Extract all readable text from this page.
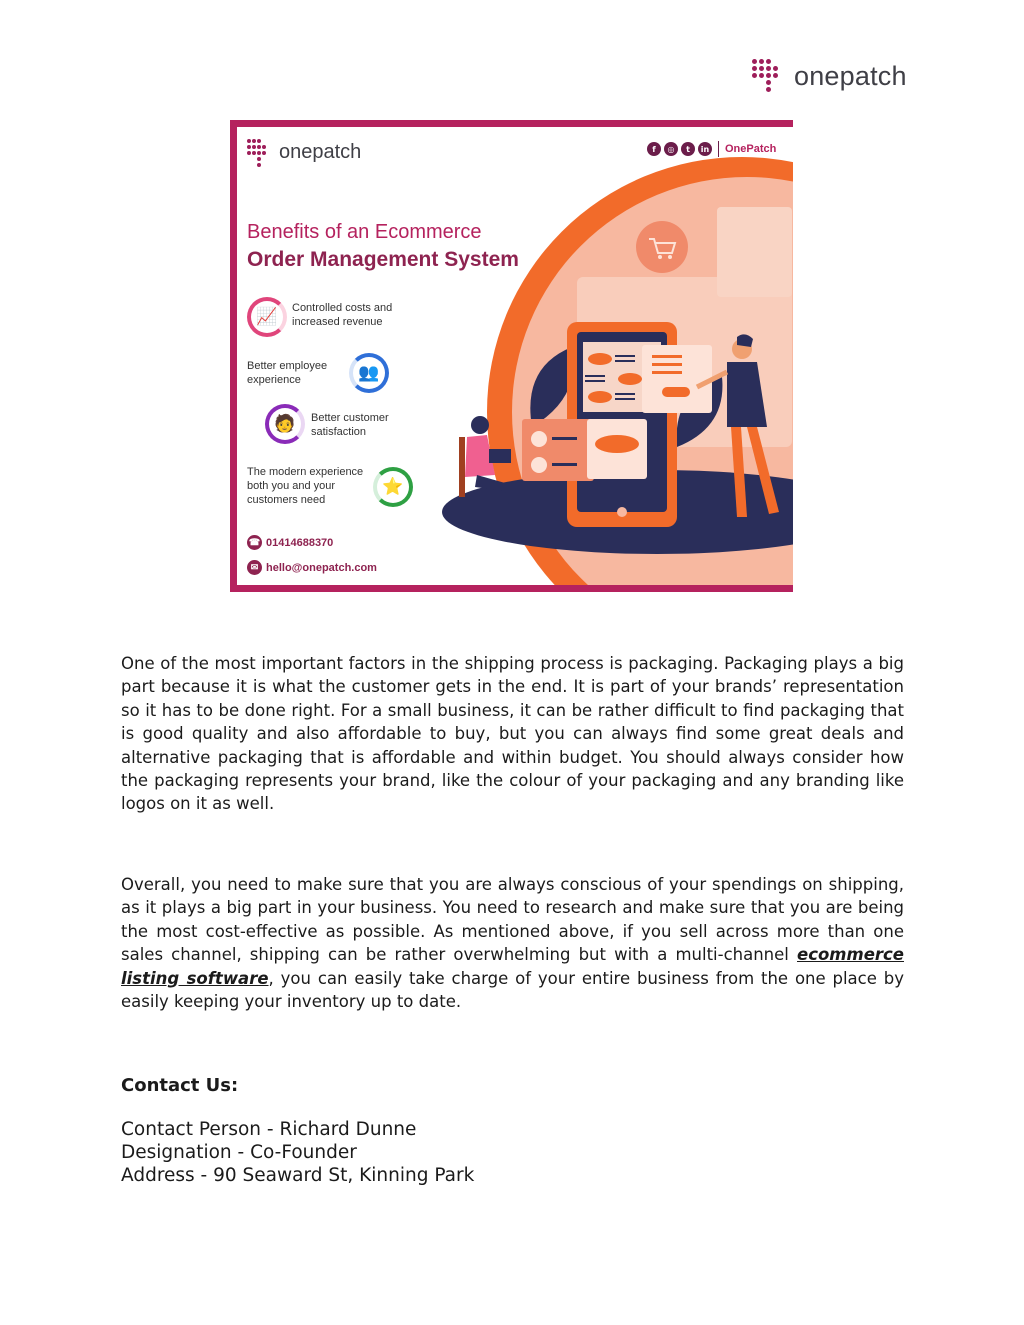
onepatch
onepatch	f	◎	t	in OnePatch
Benefits of an Ecommerce
Order Management System
📈	Controlled costs and
increased revenue
Better employee
experience	👥
🧑	Better customer
satisfaction
The modern experience
both you and your
customers need
⭐
☎ 01414688370
✉ hello@onepatch.com

One of the most important factors in the shipping process is packaging. Packaging plays a big part because it is what the customer gets in the end. It is part of your brands’ representation so it has to be done right. For a small business, it can be rather difficult to find packaging that is good quality and also affordable to buy, but you can always find some great deals and alternative packaging that is affordable and within budget. You should always consider how the packaging represents your brand, like the colour of your packaging and any branding like logos on it as well.

Overall, you need to make sure that you are always conscious of your spendings on shipping, as it plays a big part in your business. You need to research and make sure that you are being the most cost-effective as possible. As mentioned above, if you sell across more than one sales channel, shipping can be rather overwhelming but with a multi-channel ecommerce listing software, you can easily take charge of your entire business from the one place by easily keeping your inventory up to date.

Contact Us:

Contact Person - Richard Dunne

Designation - Co-Founder

Address - 90 Seaward St, Kinning Park
